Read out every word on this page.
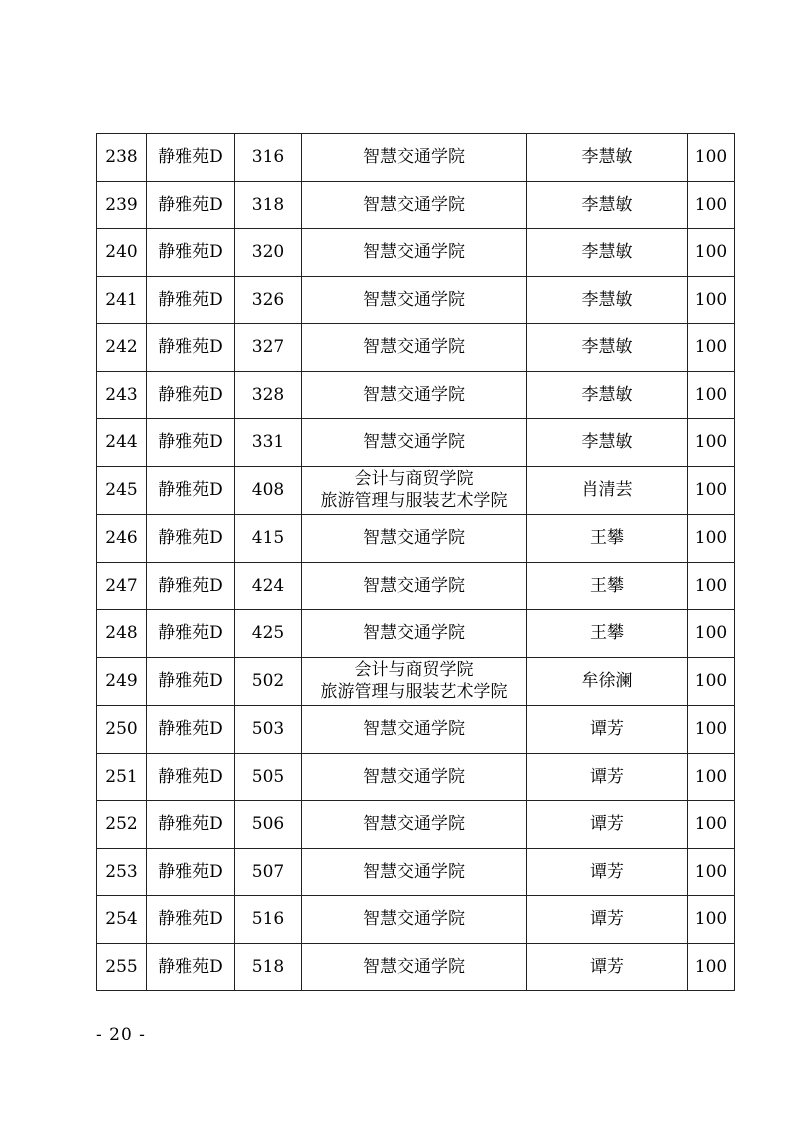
238	静雅苑D	316	智慧交通学院	李慧敏	100
239	静雅苑D	318	智慧交通学院	李慧敏	100
240	静雅苑D	320	智慧交通学院	李慧敏	100
241	静雅苑D	326	智慧交通学院	李慧敏	100
242	静雅苑D	327	智慧交通学院	李慧敏	100
243	静雅苑D	328	智慧交通学院	李慧敏	100
244	静雅苑D	331	智慧交通学院	李慧敏	100
245	静雅苑D	408	会计与商贸学院
旅游管理与服装艺术学院	肖清芸	100
246	静雅苑D	415	智慧交通学院	王攀	100
247	静雅苑D	424	智慧交通学院	王攀	100
248	静雅苑D	425	智慧交通学院	王攀	100
249	静雅苑D	502	会计与商贸学院
旅游管理与服装艺术学院	牟徐澜	100
250	静雅苑D	503	智慧交通学院	谭芳	100
251	静雅苑D	505	智慧交通学院	谭芳	100
252	静雅苑D	506	智慧交通学院	谭芳	100
253	静雅苑D	507	智慧交通学院	谭芳	100
254	静雅苑D	516	智慧交通学院	谭芳	100
255	静雅苑D	518	智慧交通学院	谭芳	100
- 20 -
